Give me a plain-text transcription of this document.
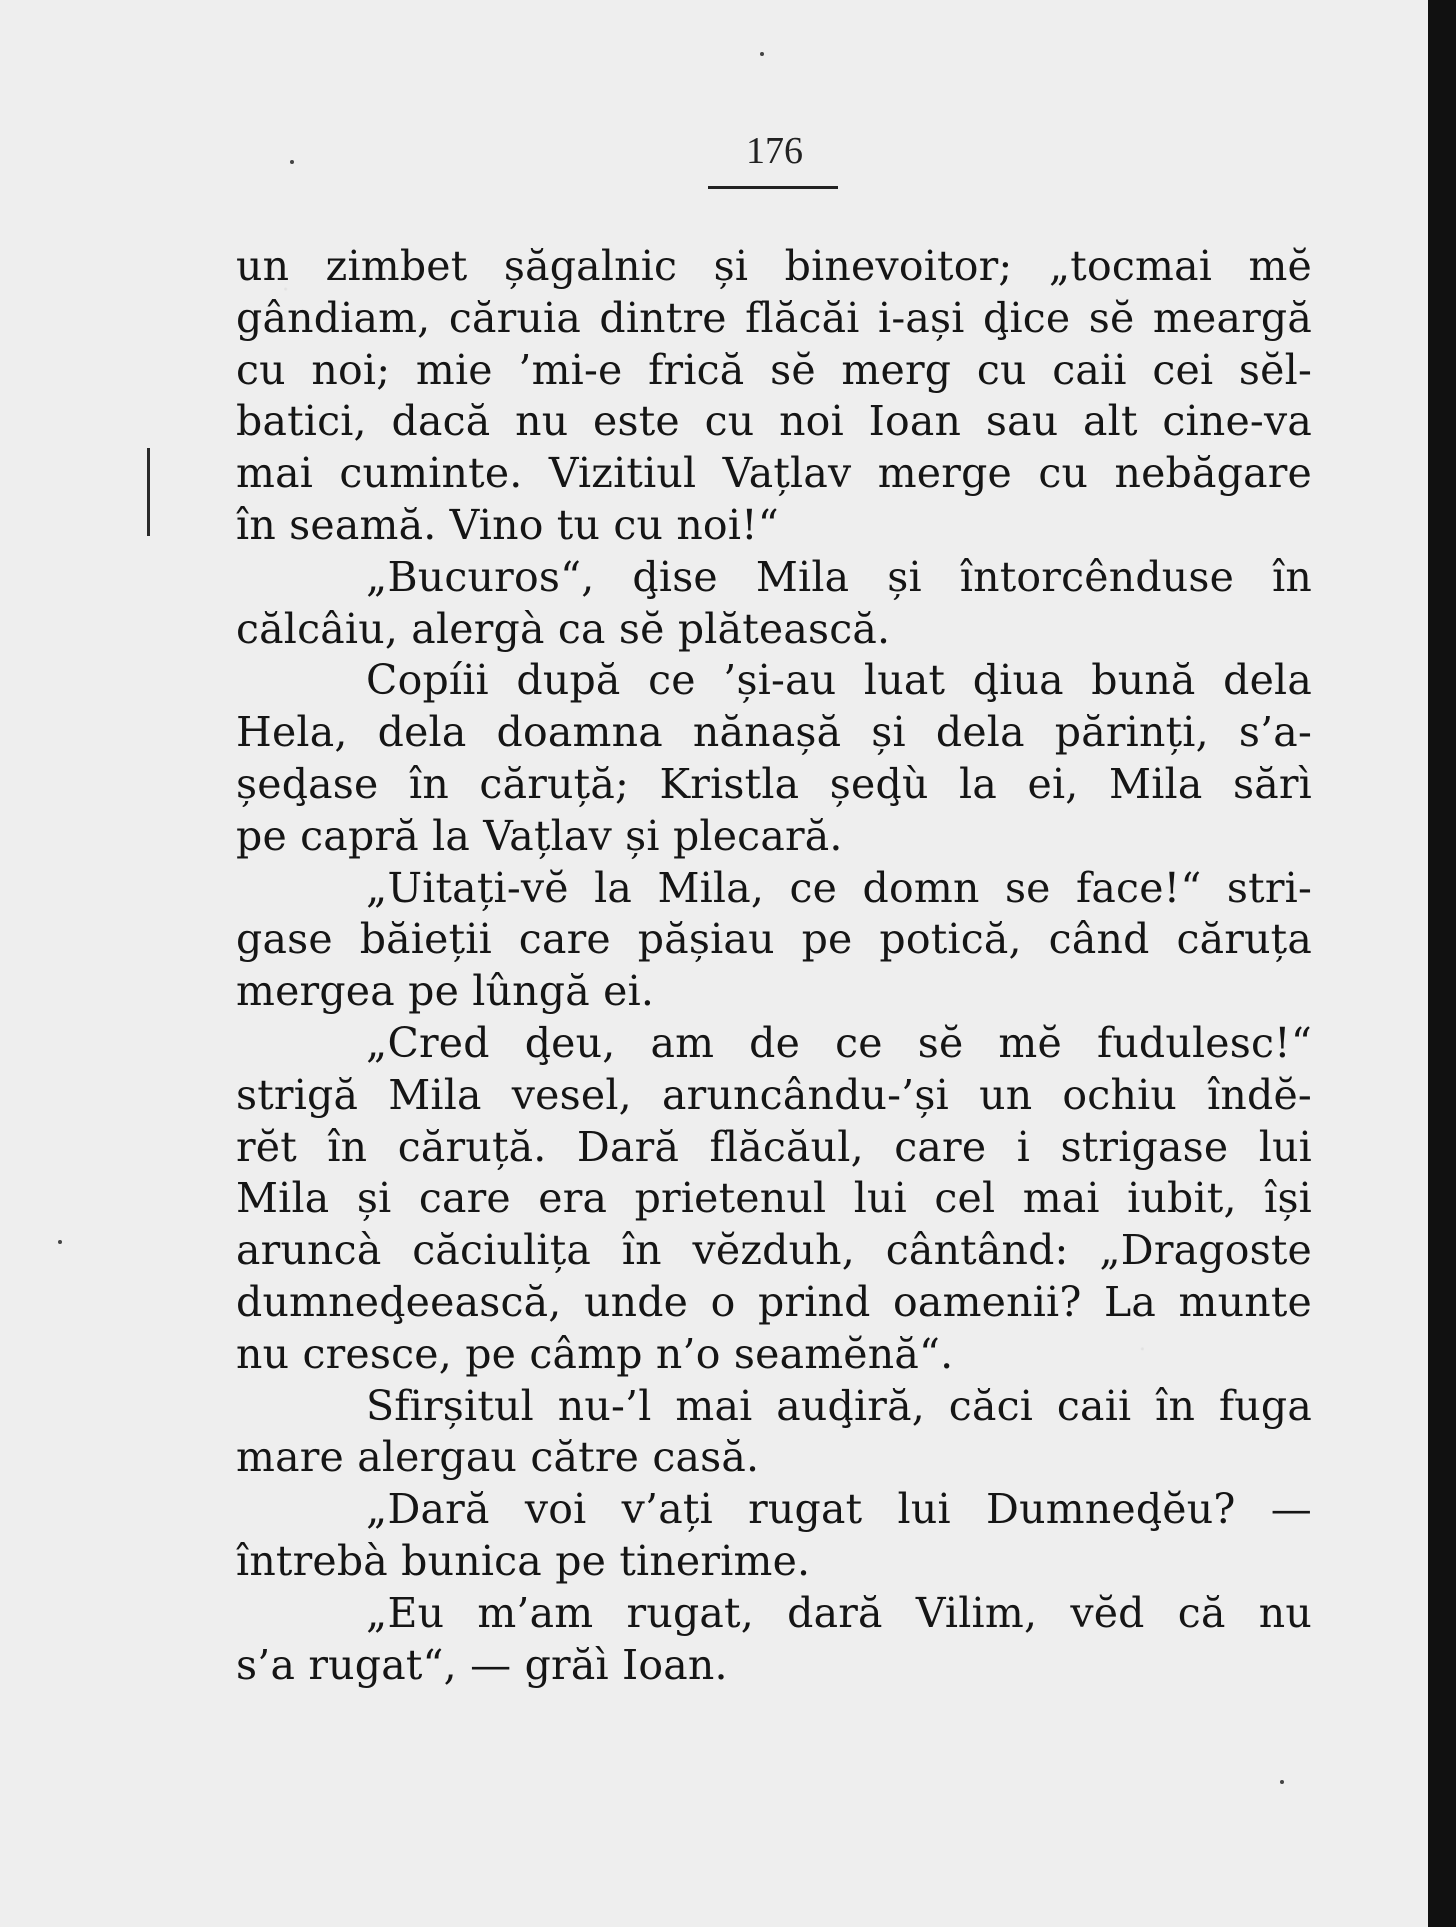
176
un zimbet șăgalnic și binevoitor; „tocmai mĕ
gândiam, căruia dintre flăcăi i-ași ḑice sĕ meargă
cu noi; mie ’mi-e frică sĕ merg cu caii cei sĕl-
batici, dacă nu este cu noi Ioan sau alt cine-va
mai cuminte. Vizitiul Vațlav merge cu nebăgare
în seamă. Vino tu cu noi!“
„Bucuros“, ḑise Mila și întorcênduse în
călcâiu, alergà ca sĕ plătească.
Copíii după ce ’și-au luat ḑiua bună dela
Hela, dela doamna nănașă și dela părinți, s’a-
șeḑase în căruță; Kristla șeḑù la ei, Mila sărì
pe capră la Vațlav și plecară.
„Uitați-vĕ la Mila, ce domn se face!“ stri-
gase băieții care pășiau pe potică, când căruța
mergea pe lûngă ei.
„Cred ḑeu, am de ce sĕ mĕ fudulesc!“
strigă Mila vesel, aruncându-’și un ochiu îndĕ-
rĕt în căruță. Dară flăcăul, care i strigase lui
Mila și care era prietenul lui cel mai iubit, își
aruncà căciulița în vĕzduh, cântând: „Dragoste
dumneḑeească, unde o prind oamenii? La munte
nu cresce, pe câmp n’o seamĕnă“.
Sfirșitul nu-’l mai auḑiră, căci caii în fuga
mare alergau către casă.
„Dară voi v’ați rugat lui Dumneḑĕu? —
întrebà bunica pe tinerime.
„Eu m’am rugat, dară Vilim, vĕd că nu
s’a rugat“, — grăì Ioan.
